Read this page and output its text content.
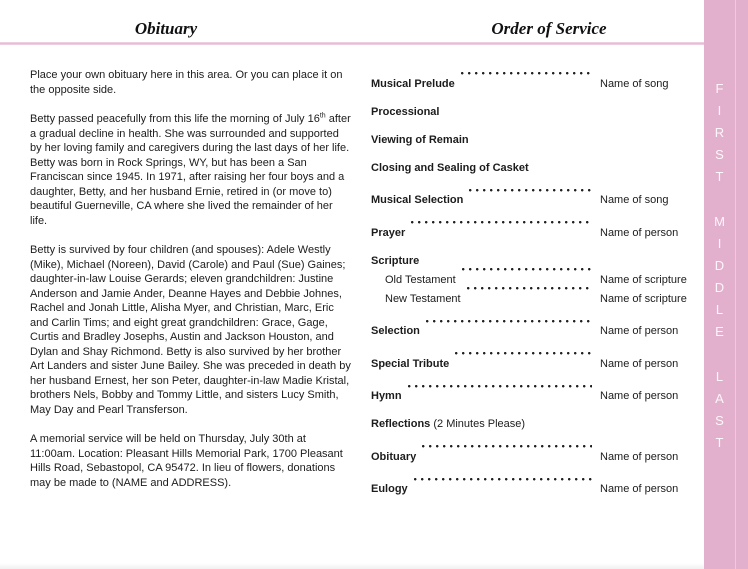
Obituary	Order of Service

Place your own obituary here in this area. Or you can place it on the opposite side.

Betty passed peacefully from this life the morning of July 16th after a gradual decline in health. She was surrounded and supported by her loving family and caregivers during the last days of her life. Betty was born in Rock Springs, WY, but has been a San Franciscan since 1945. In 1971, after raising her four boys and a daughter, Betty, and her husband Ernie, retired in (or move to) beautiful Guerneville, CA where she lived the remainder of her life.

Betty is survived by four children (and spouses): Adele Westly (Mike), Michael (Noreen), David (Carole) and Paul (Sue) Gaines; daughter-in-law Louise Gerards; eleven grandchildren: Justine Anderson and Jamie Ander, Deanne Hayes and Debbie Johnes, Rachel and Jonah Little, Alisha Myer, and Christian, Marc, Eric and Carlin Tims; and eight great grandchildren: Grace, Gage, Curtis and Bradley Josephs, Austin and Jackson Houston, and Dylan and Shay Richmond. Betty is also survived by her brother Art Landers and sister June Bailey. She was preceded in death by her husband Ernest, her son Peter, daughter-in-law Madie Kristal, brothers Nels, Bobby and Tommy Little, and sisters Lucy Smith, May Day and Pearl Transferson.

A memorial service will be held on Thursday, July 30th at 11:00am. Location: Pleasant Hills Memorial Park, 1700 Pleasant Hills Road, Sebastopol, CA 95472. In lieu of flowers, donations may be made to (NAME and ADDRESS).

Musical Prelude	Name of song
Processional
Viewing of Remain
Closing and Sealing of Casket
Musical Selection	Name of song
Prayer	Name of person
Scripture
Old Testament	Name of scripture
New Testament	Name of scripture
Selection	Name of person
Special Tribute	Name of person
Hymn	Name of person
Reflections (2 Minutes Please)
Obituary	Name of person
Eulogy	Name of person
F
I
R
S
T
M
I
D
D
L
E
L
A
S
T
